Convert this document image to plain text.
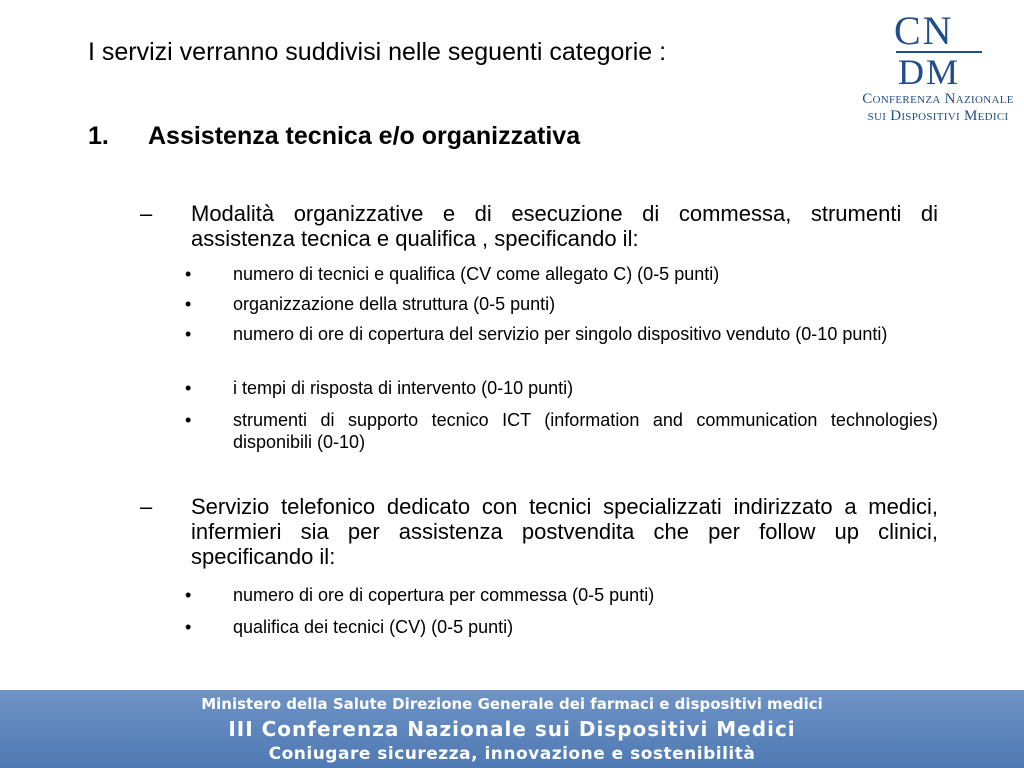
I servizi verranno suddivisi nelle seguenti categorie :	CN
DM
Conferenza Nazionale
sui Dispositivi Medici
1. Assistenza tecnica e/o organizzativa
– Modalità organizzative e di esecuzione di commessa, strumenti di assistenza tecnica e qualifica , specificando il:
• numero di tecnici e qualifica (CV come allegato C) (0-5 punti)
• organizzazione della struttura (0-5 punti)
• numero di ore di copertura del servizio per singolo dispositivo venduto (0-10 punti)
• i tempi di risposta di intervento (0-10 punti)
• strumenti di supporto tecnico ICT (information and communication technologies) disponibili (0-10)
– Servizio telefonico dedicato con tecnici specializzati indirizzato a medici, infermieri sia per assistenza postvendita che per follow up clinici, specificando il:
• numero di ore di copertura per commessa (0-5 punti)
• qualifica dei tecnici (CV) (0-5 punti)
Ministero della Salute Direzione Generale dei farmaci e dispositivi medici
III Conferenza Nazionale sui Dispositivi Medici
Coniugare sicurezza, innovazione e sostenibilità
